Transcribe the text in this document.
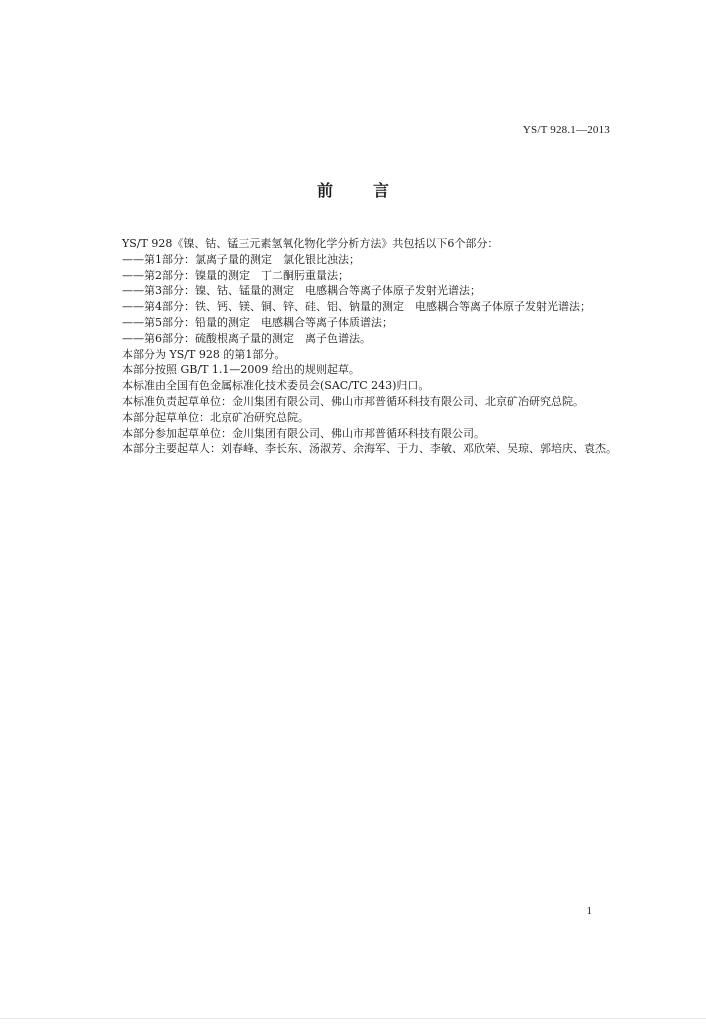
YS/T 928.1—2013
前言
YS/T 928《镍、钴、锰三元素氢氧化物化学分析方法》共包括以下6个部分：
——第1部分：氯离子量的测定　氯化银比浊法；
——第2部分：镍量的测定　丁二酮肟重量法；
——第3部分：镍、钴、锰量的测定　电感耦合等离子体原子发射光谱法；
——第4部分：铁、钙、镁、铜、锌、硅、铝、钠量的测定　电感耦合等离子体原子发射光谱法；
——第5部分：铅量的测定　电感耦合等离子体质谱法；
——第6部分：硫酸根离子量的测定　离子色谱法。
本部分为 YS/T 928 的第1部分。
本部分按照 GB/T 1.1—2009 给出的规则起草。
本标准由全国有色金属标准化技术委员会(SAC/TC 243)归口。
本标准负责起草单位：金川集团有限公司、佛山市邦普循环科技有限公司、北京矿冶研究总院。
本部分起草单位：北京矿冶研究总院。
本部分参加起草单位：金川集团有限公司、佛山市邦普循环科技有限公司。
本部分主要起草人：刘春峰、李长东、汤淑芳、余海军、于力、李敏、邓欣荣、吴琼、郭培庆、袁杰。
1
